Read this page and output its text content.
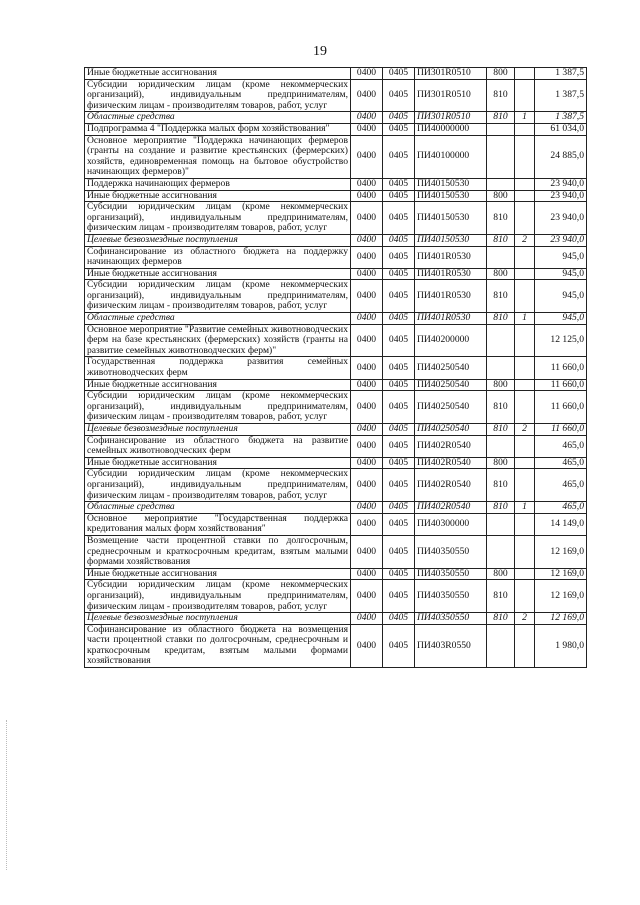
19
Иные бюджетные ассигнования	0400	0405	ПИ301R0510	800		1 387,5
Субсидии юридическим лицам (кроме некоммерческих организаций), индивидуальным предпринимателям, физическим лицам - производителям товаров, работ, услуг	0400	0405	ПИ301R0510	810		1 387,5
Областные средства	0400	0405	ПИ301R0510	810	1	1 387,5
Подпрограмма 4 "Поддержка малых форм хозяйствования"	0400	0405	ПИ40000000			61 034,0
Основное мероприятие "Поддержка начинающих фермеров (гранты на создание и развитие крестьянских (фермерских) хозяйств, единовременная помощь на бытовое обустройство начинающих фермеров)"	0400	0405	ПИ40100000			24 885,0
Поддержка начинающих фермеров	0400	0405	ПИ40150530			23 940,0
Иные бюджетные ассигнования	0400	0405	ПИ40150530	800		23 940,0
Субсидии юридическим лицам (кроме некоммерческих организаций), индивидуальным предпринимателям, физическим лицам - производителям товаров, работ, услуг	0400	0405	ПИ40150530	810		23 940,0
Целевые безвозмездные поступления	0400	0405	ПИ40150530	810	2	23 940,0
Софинансирование из областного бюджета на поддержку начинающих фермеров	0400	0405	ПИ401R0530			945,0
Иные бюджетные ассигнования	0400	0405	ПИ401R0530	800		945,0
Субсидии юридическим лицам (кроме некоммерческих организаций), индивидуальным предпринимателям, физическим лицам - производителям товаров, работ, услуг	0400	0405	ПИ401R0530	810		945,0
Областные средства	0400	0405	ПИ401R0530	810	1	945,0
Основное мероприятие "Развитие семейных животноводческих ферм на базе крестьянских (фермерских) хозяйств (гранты на развитие семейных животноводческих ферм)"	0400	0405	ПИ40200000			12 125,0
Государственная поддержка развития семейных животноводческих ферм	0400	0405	ПИ40250540			11 660,0
Иные бюджетные ассигнования	0400	0405	ПИ40250540	800		11 660,0
Субсидии юридическим лицам (кроме некоммерческих организаций), индивидуальным предпринимателям, физическим лицам - производителям товаров, работ, услуг	0400	0405	ПИ40250540	810		11 660,0
Целевые безвозмездные поступления	0400	0405	ПИ40250540	810	2	11 660,0
Софинансирование из областного бюджета на развитие семейных животноводческих ферм	0400	0405	ПИ402R0540			465,0
Иные бюджетные ассигнования	0400	0405	ПИ402R0540	800		465,0
Субсидии юридическим лицам (кроме некоммерческих организаций), индивидуальным предпринимателям, физическим лицам - производителям товаров, работ, услуг	0400	0405	ПИ402R0540	810		465,0
Областные средства	0400	0405	ПИ402R0540	810	1	465,0
Основное мероприятие "Государственная поддержка кредитования малых форм хозяйствования"	0400	0405	ПИ40300000			14 149,0
Возмещение части процентной ставки по долгосрочным, среднесрочным и краткосрочным кредитам, взятым малыми формами хозяйствования	0400	0405	ПИ40350550			12 169,0
Иные бюджетные ассигнования	0400	0405	ПИ40350550	800		12 169,0
Субсидии юридическим лицам (кроме некоммерческих организаций), индивидуальным предпринимателям, физическим лицам - производителям товаров, работ, услуг	0400	0405	ПИ40350550	810		12 169,0
Целевые безвозмездные поступления	0400	0405	ПИ40350550	810	2	12 169,0
Софинансирование из областного бюджета на возмещения части процентной ставки по долгосрочным, среднесрочным и краткосрочным кредитам, взятым малыми формами хозяйствования	0400	0405	ПИ403R0550			1 980,0
